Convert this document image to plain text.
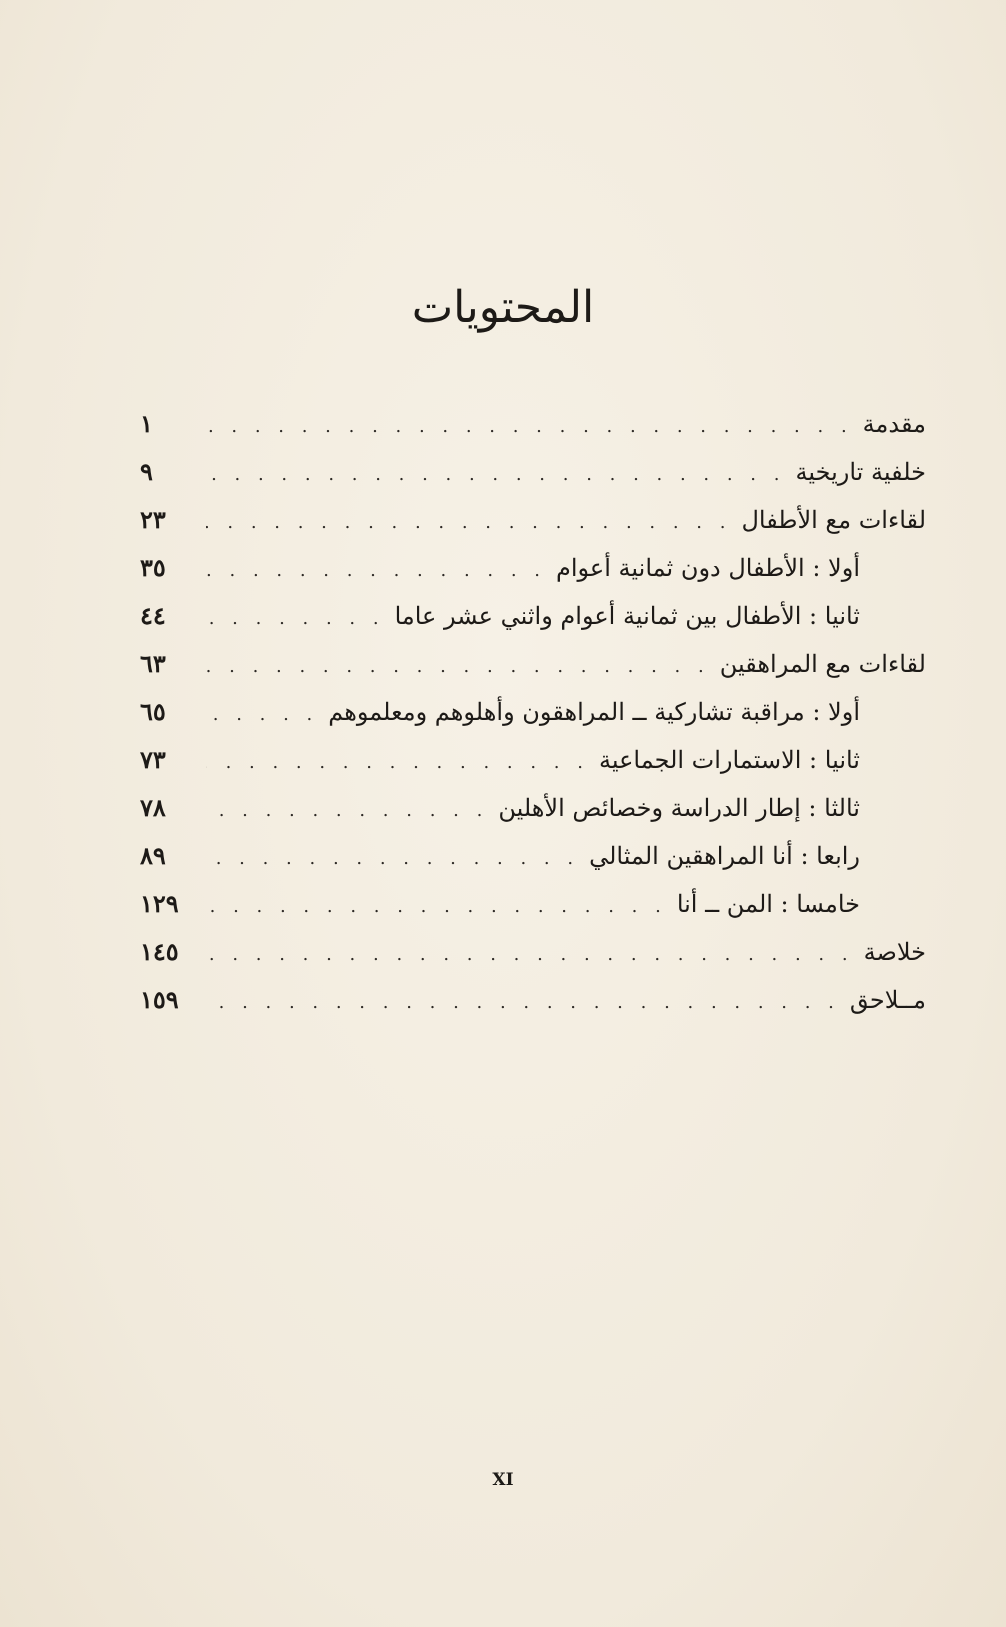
المحتويات
مقدمة
. . .
١
خلفية تاريخية
. . .
٩
لقاءات مع الأطفال
. . .
٢٣
أولا : الأطفال دون ثمانية أعوام
. . .
٣٥
ثانيا : الأطفال بين ثمانية أعوام واثني عشر عاما
. . .
٤٤
لقاءات مع المراهقين
. . .
٦٣
أولا : مراقبة تشاركية ــ المراهقون وأهلوهم ومعلموهم
. . .
٦٥
ثانيا : الاستمارات الجماعية
. . .
٧٣
ثالثا : إطار الدراسة وخصائص الأهلين
. . .
٧٨
رابعا : أنا المراهقين المثالي
. . .
٨٩
خامسا : المن ــ أنا
. . .
١٢٩
خلاصة
. . .
١٤٥
مــلاحق
. . .
١٥٩
XI
